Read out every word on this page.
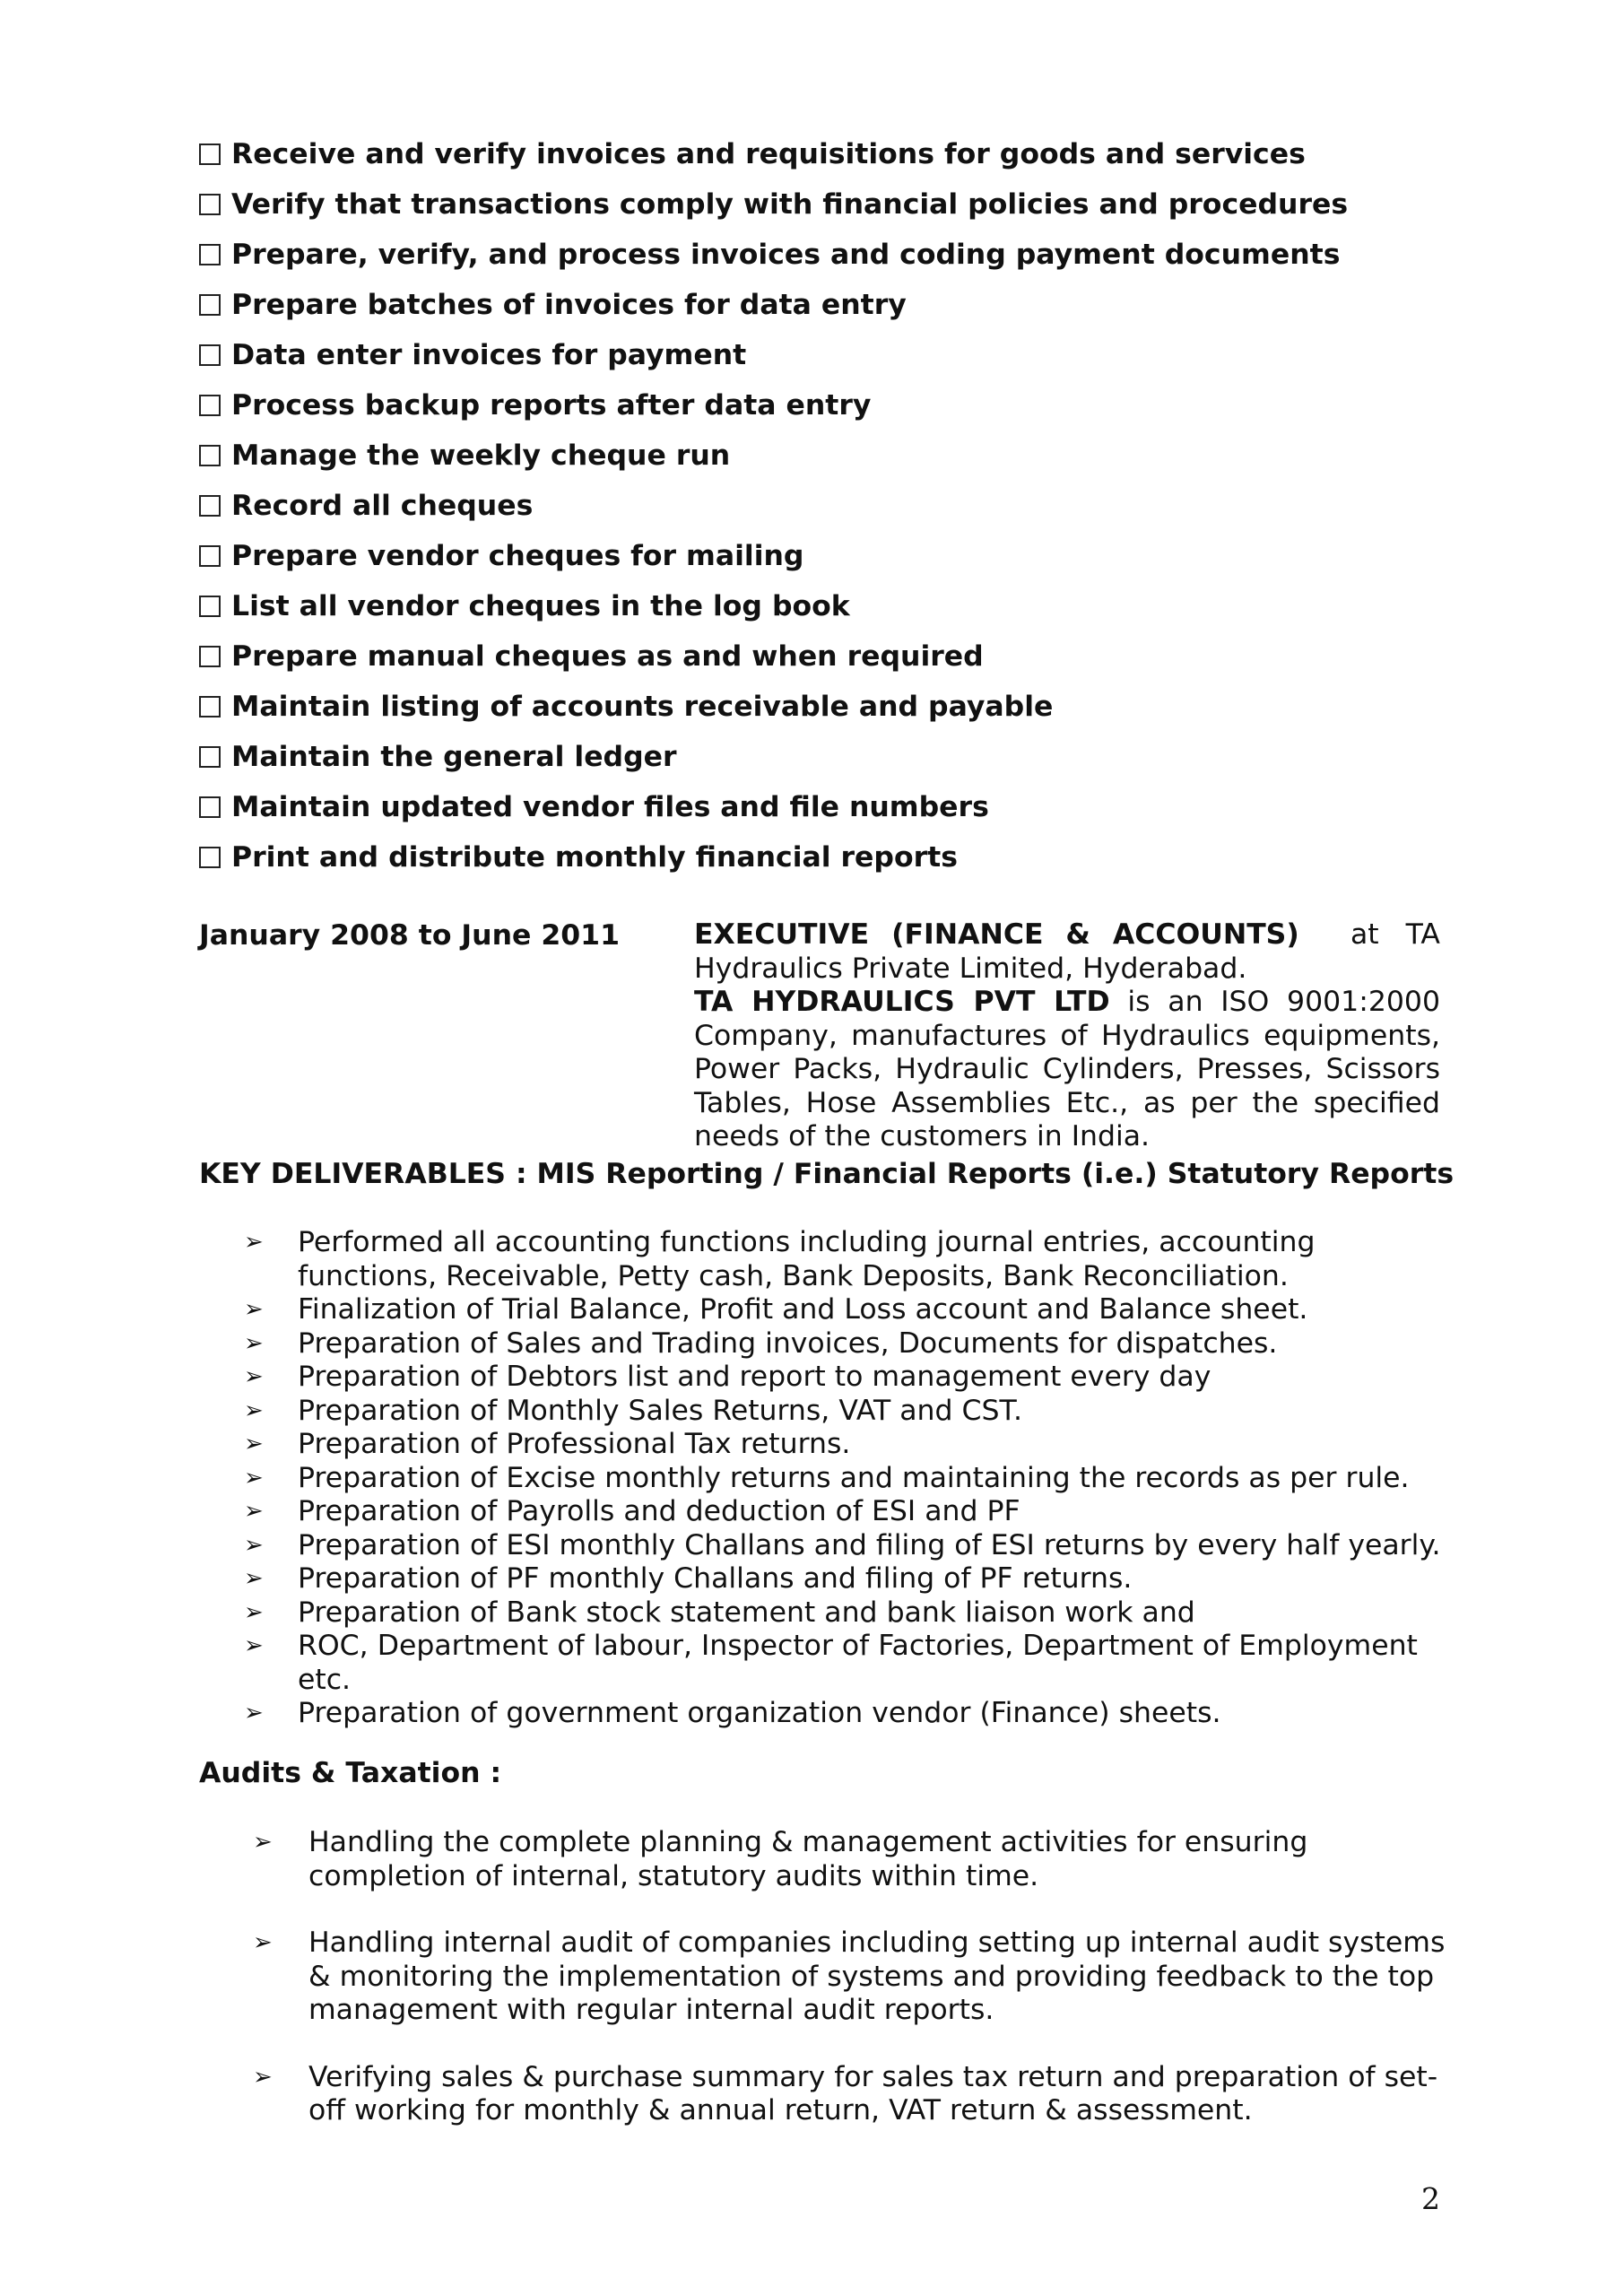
Receive and verify invoices and requisitions for goods and services
Verify that transactions comply with financial policies and procedures
Prepare, verify, and process invoices and coding payment documents
Prepare batches of invoices for data entry
Data enter invoices for payment
Process backup reports after data entry
Manage the weekly cheque run
Record all cheques
Prepare vendor cheques for mailing
List all vendor cheques in the log book
Prepare manual cheques as and when required
Maintain listing of accounts receivable and payable
Maintain the general ledger
Maintain updated vendor files and file numbers
Print and distribute monthly financial reports
January 2008 to June 2011	EXECUTIVE (FINANCE & ACCOUNTS) at TA
Hydraulics Private Limited, Hyderabad.
TA HYDRAULICS PVT LTD is an ISO 9001:2000 Company, manufactures of Hydraulics equipments, Power Packs, Hydraulic Cylinders, Presses, Scissors Tables, Hose Assemblies Etc., as per the specified needs of the customers in India.
KEY DELIVERABLES : MIS Reporting / Financial Reports (i.e.) Statutory Reports
➢ Performed all accounting functions including journal entries, accounting functions, Receivable, Petty cash, Bank Deposits, Bank Reconciliation.
➢ Finalization of Trial Balance, Profit and Loss account and Balance sheet.
➢ Preparation of Sales and Trading invoices, Documents for dispatches.
➢ Preparation of Debtors list and report to management every day
➢ Preparation of Monthly Sales Returns, VAT and CST.
➢ Preparation of Professional Tax returns.
➢ Preparation of Excise monthly returns and maintaining the records as per rule.
➢ Preparation of Payrolls and deduction of ESI and PF
➢ Preparation of ESI monthly Challans and filing of ESI returns by every half yearly.
➢ Preparation of PF monthly Challans and filing of PF returns.
➢ Preparation of Bank stock statement and bank liaison work and
➢ ROC, Department of labour, Inspector of Factories, Department of Employment etc.
➢ Preparation of government organization vendor (Finance) sheets.
Audits & Taxation :
➢ Handling the complete planning & management activities for ensuring completion of internal, statutory audits within time.
➢ Handling internal audit of companies including setting up internal audit systems & monitoring the implementation of systems and providing feedback to the top management with regular internal audit reports.
➢ Verifying sales & purchase summary for sales tax return and preparation of set-off working for monthly & annual return, VAT return & assessment.
2
